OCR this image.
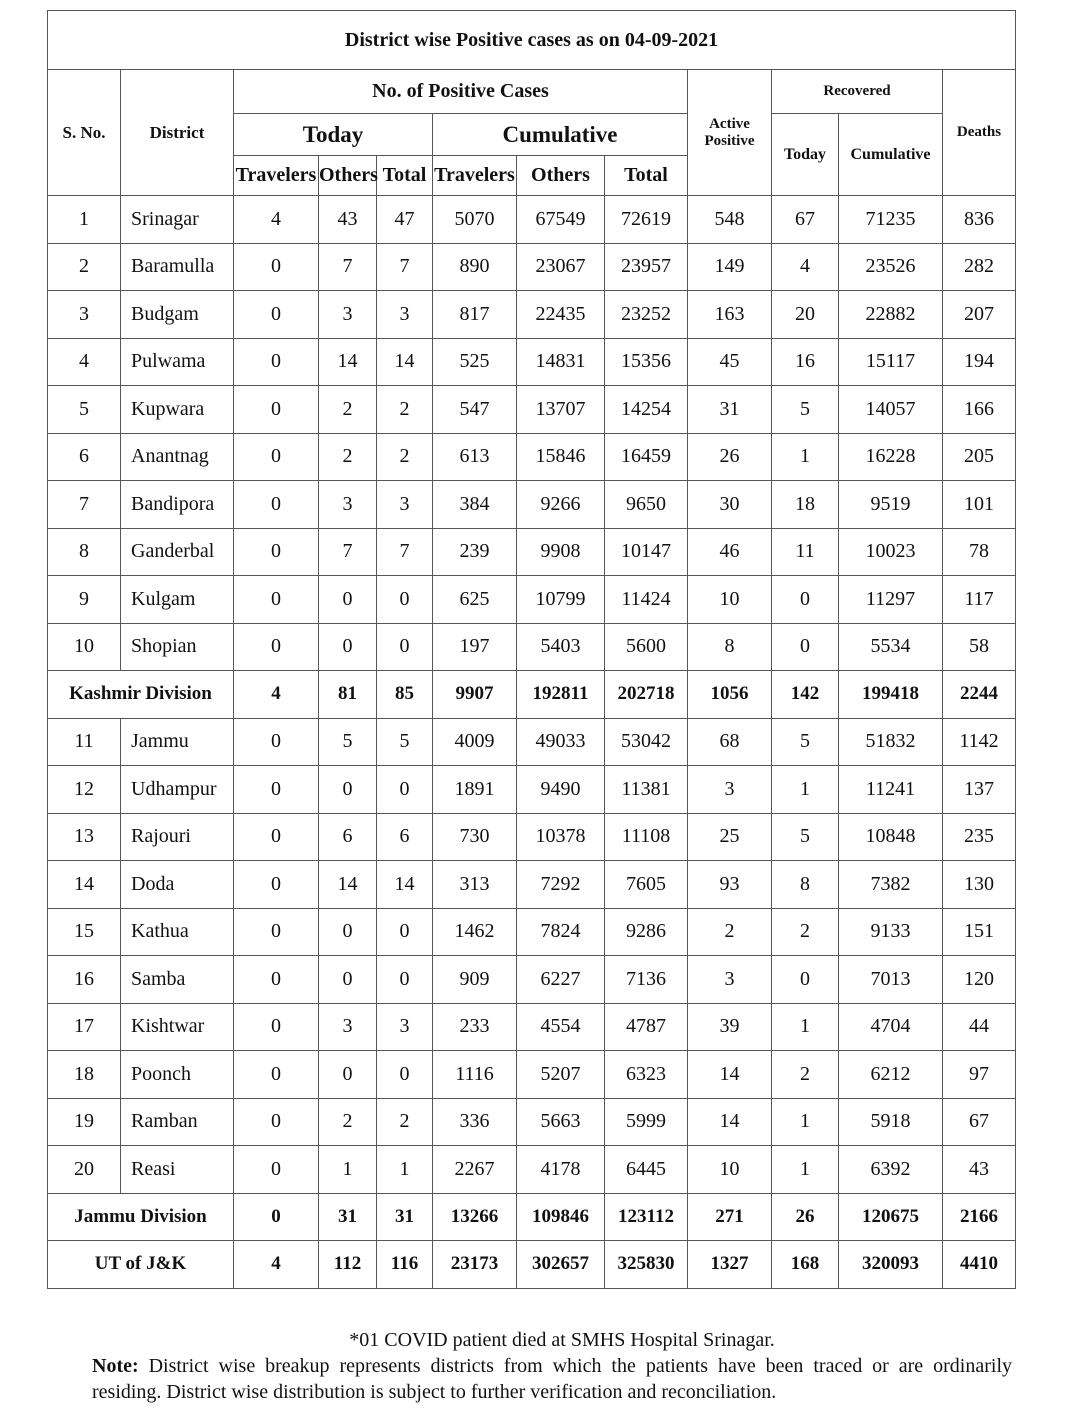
District wise Positive cases as on 04-09-2021											
S. No.	District	No. of Positive Cases						Active
Positive	Recovered		Deaths
		Today			Cumulative				Today	Cumulative	
		Travelers	Others	Total	Travelers	Others	Total				
1	Srinagar	4	43	47	5070	67549	72619	548	67	71235	836
2	Baramulla	0	7	7	890	23067	23957	149	4	23526	282
3	Budgam	0	3	3	817	22435	23252	163	20	22882	207
4	Pulwama	0	14	14	525	14831	15356	45	16	15117	194
5	Kupwara	0	2	2	547	13707	14254	31	5	14057	166
6	Anantnag	0	2	2	613	15846	16459	26	1	16228	205
7	Bandipora	0	3	3	384	9266	9650	30	18	9519	101
8	Ganderbal	0	7	7	239	9908	10147	46	11	10023	78
9	Kulgam	0	0	0	625	10799	11424	10	0	11297	117
10	Shopian	0	0	0	197	5403	5600	8	0	5534	58
Kashmir Division		4	81	85	9907	192811	202718	1056	142	199418	2244
11	Jammu	0	5	5	4009	49033	53042	68	5	51832	1142
12	Udhampur	0	0	0	1891	9490	11381	3	1	11241	137
13	Rajouri	0	6	6	730	10378	11108	25	5	10848	235
14	Doda	0	14	14	313	7292	7605	93	8	7382	130
15	Kathua	0	0	0	1462	7824	9286	2	2	9133	151
16	Samba	0	0	0	909	6227	7136	3	0	7013	120
17	Kishtwar	0	3	3	233	4554	4787	39	1	4704	44
18	Poonch	0	0	0	1116	5207	6323	14	2	6212	97
19	Ramban	0	2	2	336	5663	5999	14	1	5918	67
20	Reasi	0	1	1	2267	4178	6445	10	1	6392	43
Jammu Division		0	31	31	13266	109846	123112	271	26	120675	2166
UT of J&K		4	112	116	23173	302657	325830	1327	168	320093	4410
*01 COVID patient died at SMHS Hospital Srinagar.
Note: District wise breakup represents districts from which the patients have been traced or are ordinarily residing. District wise distribution is subject to further verification and reconciliation.
